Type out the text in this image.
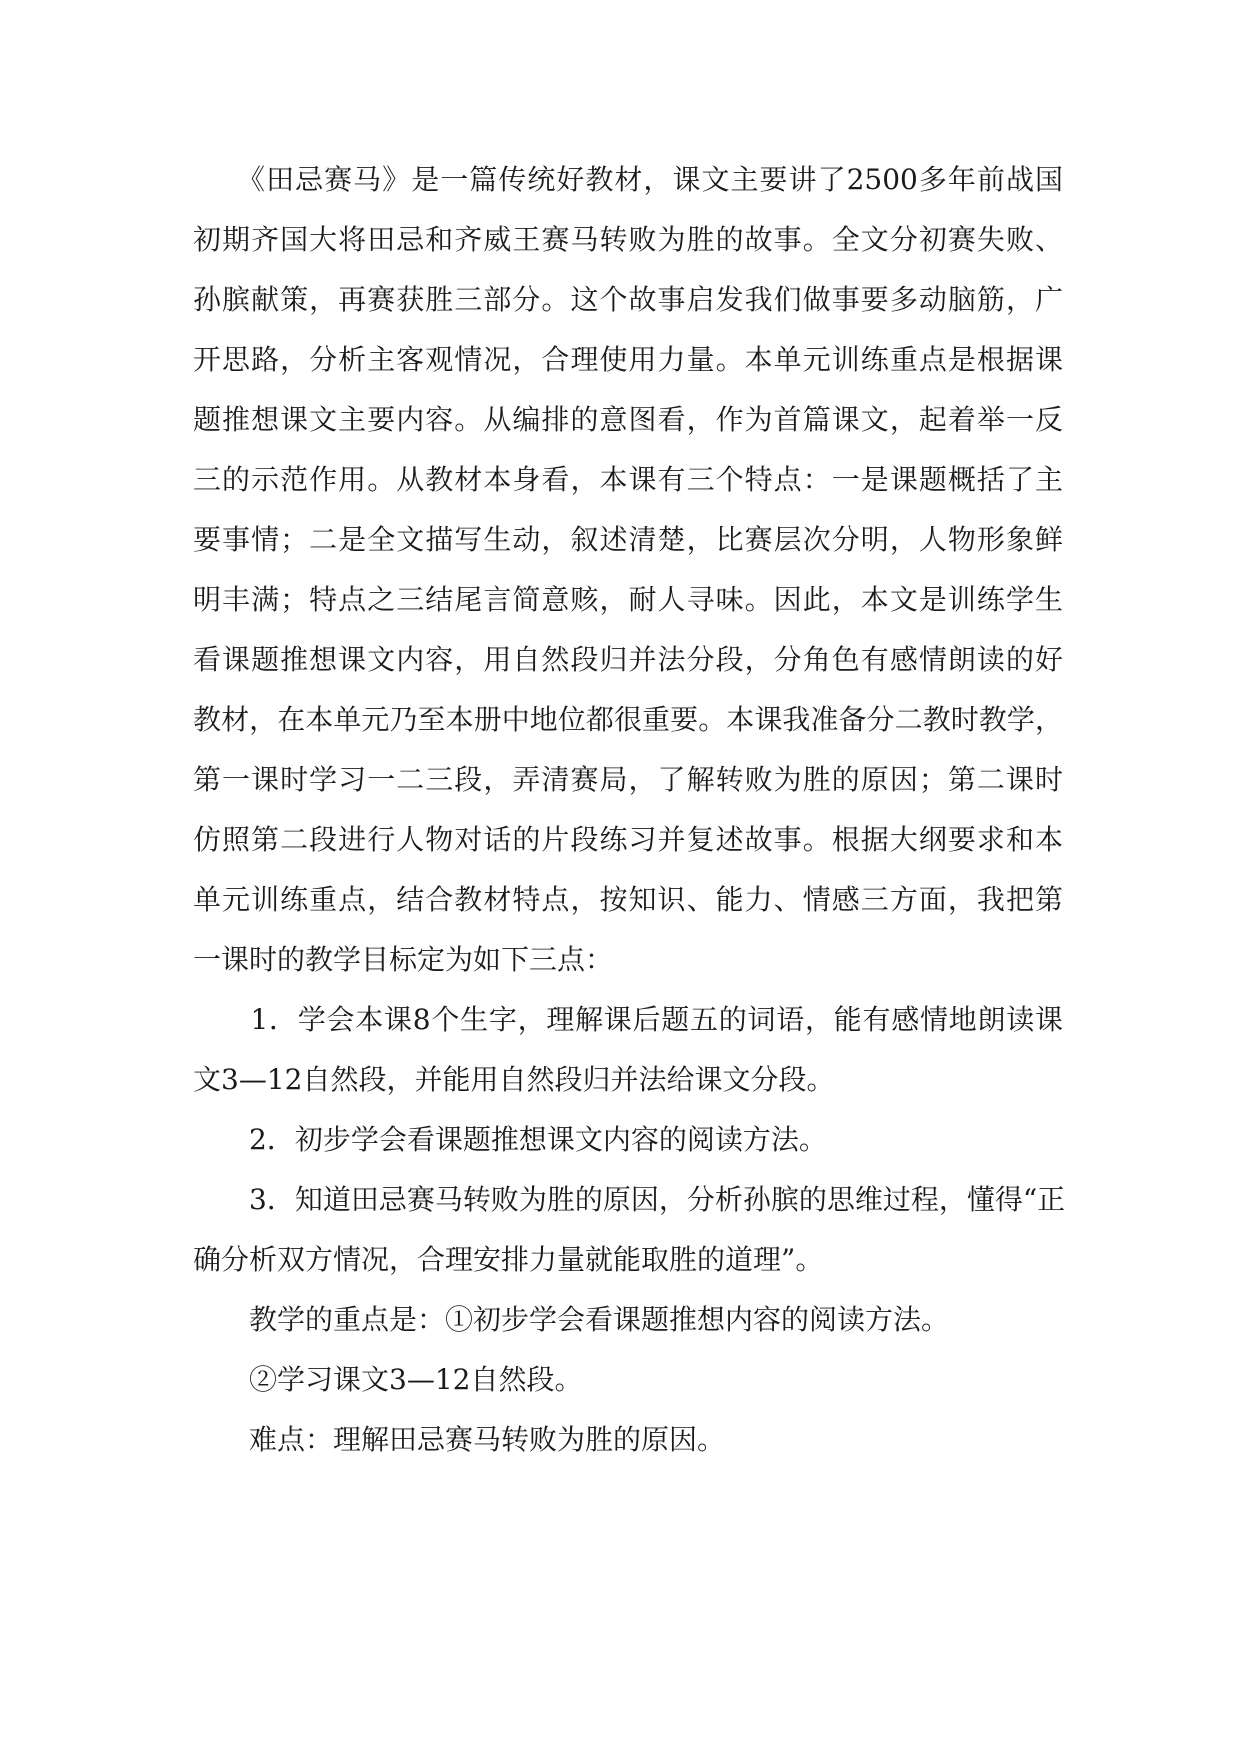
　　《田忌赛马》是一篇传统好教材，课文主要讲了2500多年前战国
初期齐国大将田忌和齐威王赛马转败为胜的故事。全文分初赛失败、
孙膑献策，再赛获胜三部分。这个故事启发我们做事要多动脑筋，广
开思路，分析主客观情况，合理使用力量。本单元训练重点是根据课
题推想课文主要内容。从编排的意图看，作为首篇课文，起着举一反
三的示范作用。从教材本身看，本课有三个特点：一是课题概括了主
要事情；二是全文描写生动，叙述清楚，比赛层次分明，人物形象鲜
明丰满；特点之三结尾言简意赅，耐人寻味。因此，本文是训练学生
看课题推想课文内容，用自然段归并法分段，分角色有感情朗读的好
教材，在本单元乃至本册中地位都很重要。本课我准备分二教时教学，
第一课时学习一二三段，弄清赛局，了解转败为胜的原因；第二课时
仿照第二段进行人物对话的片段练习并复述故事。根据大纲要求和本
单元训练重点，结合教材特点，按知识、能力、情感三方面，我把第
一课时的教学目标定为如下三点：
　　1．学会本课8个生字，理解课后题五的词语，能有感情地朗读课
文3—12自然段，并能用自然段归并法给课文分段。
　　2．初步学会看课题推想课文内容的阅读方法。
　　3．知道田忌赛马转败为胜的原因，分析孙膑的思维过程，懂得“正
确分析双方情况，合理安排力量就能取胜的道理”。
　　教学的重点是：①初步学会看课题推想内容的阅读方法。
　　②学习课文3—12自然段。
　　难点：理解田忌赛马转败为胜的原因。
